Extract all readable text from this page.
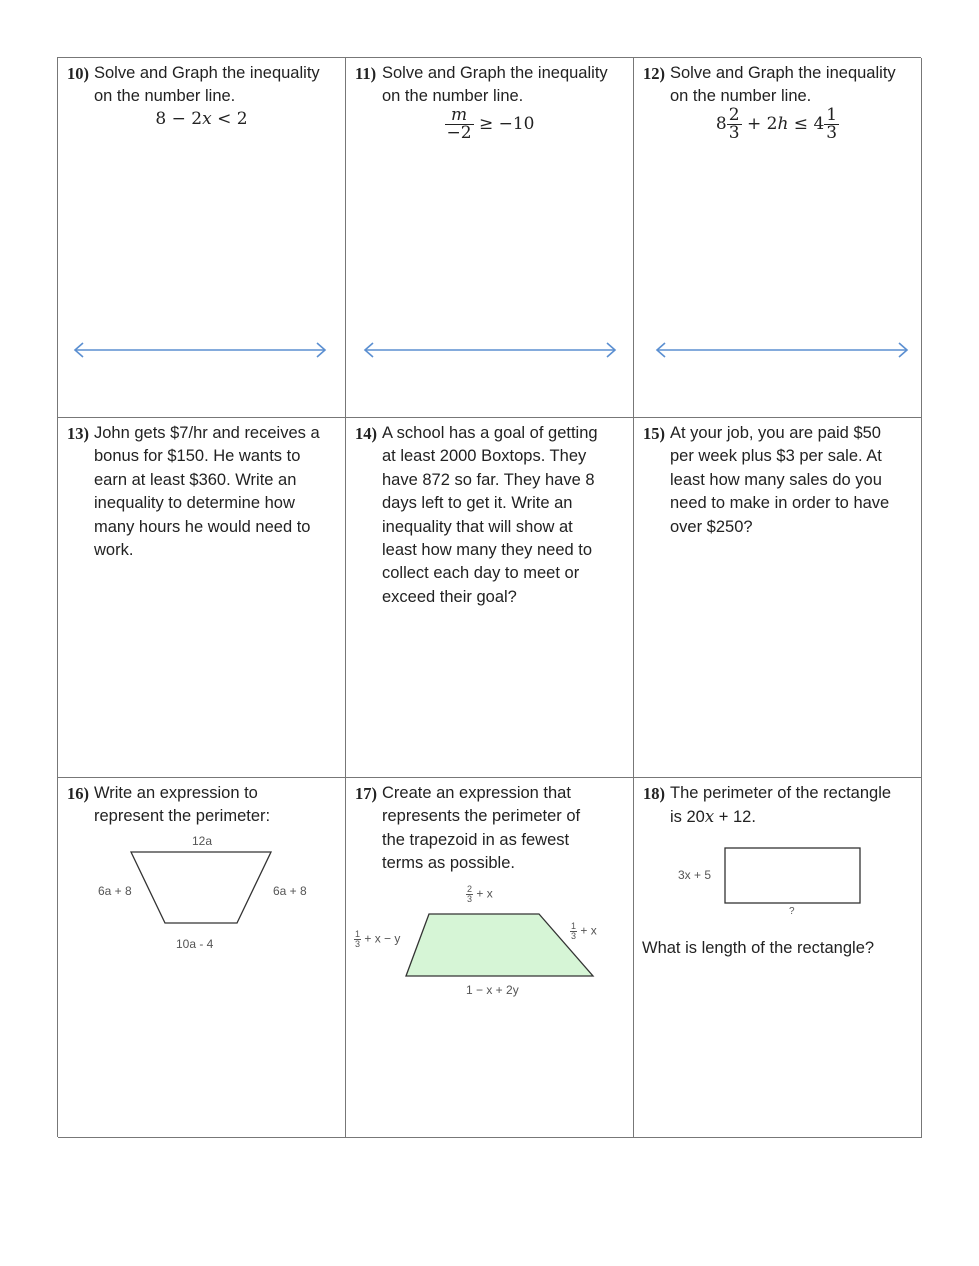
10) Solve and Graph the inequality
on the number line.
8 − 2x < 2
11) Solve and Graph the inequality
on the number line.
$\frac{m}{-2} \ge -10$
12) Solve and Graph the inequality
on the number line.
$8 \frac{2}{3} + 2h \le 4 \frac{1}{3}$
13) John gets $7/hr and receives a
bonus for $150. He wants to
earn at least $360. Write an
inequality to determine how
many hours he would need to
work.
14) A school has a goal of getting
at least 2000 Boxtops. They
have 872 so far. They have 8
days left to get it. Write an
inequality that will show at
least how many they need to
collect each day to meet or
exceed their goal?
15) At your job, you are paid $50
per week plus $3 per sale. At
least how many sales do you
need to make in order to have
over $250?
16) Write an expression to
represent the perimeter:
12a
6a + 8	6a + 8
10a - 4
17) Create an expression that
represents the perimeter of
the trapezoid in as fewest
terms as possible.
$\frac{2}{3} + x$
$\frac{1}{3} + x - y$	$\frac{1}{3} + x$
1 − x + 2y
18) The perimeter of the rectangle
is 20x + 12.
3x + 5
?
What is length of the rectangle?
